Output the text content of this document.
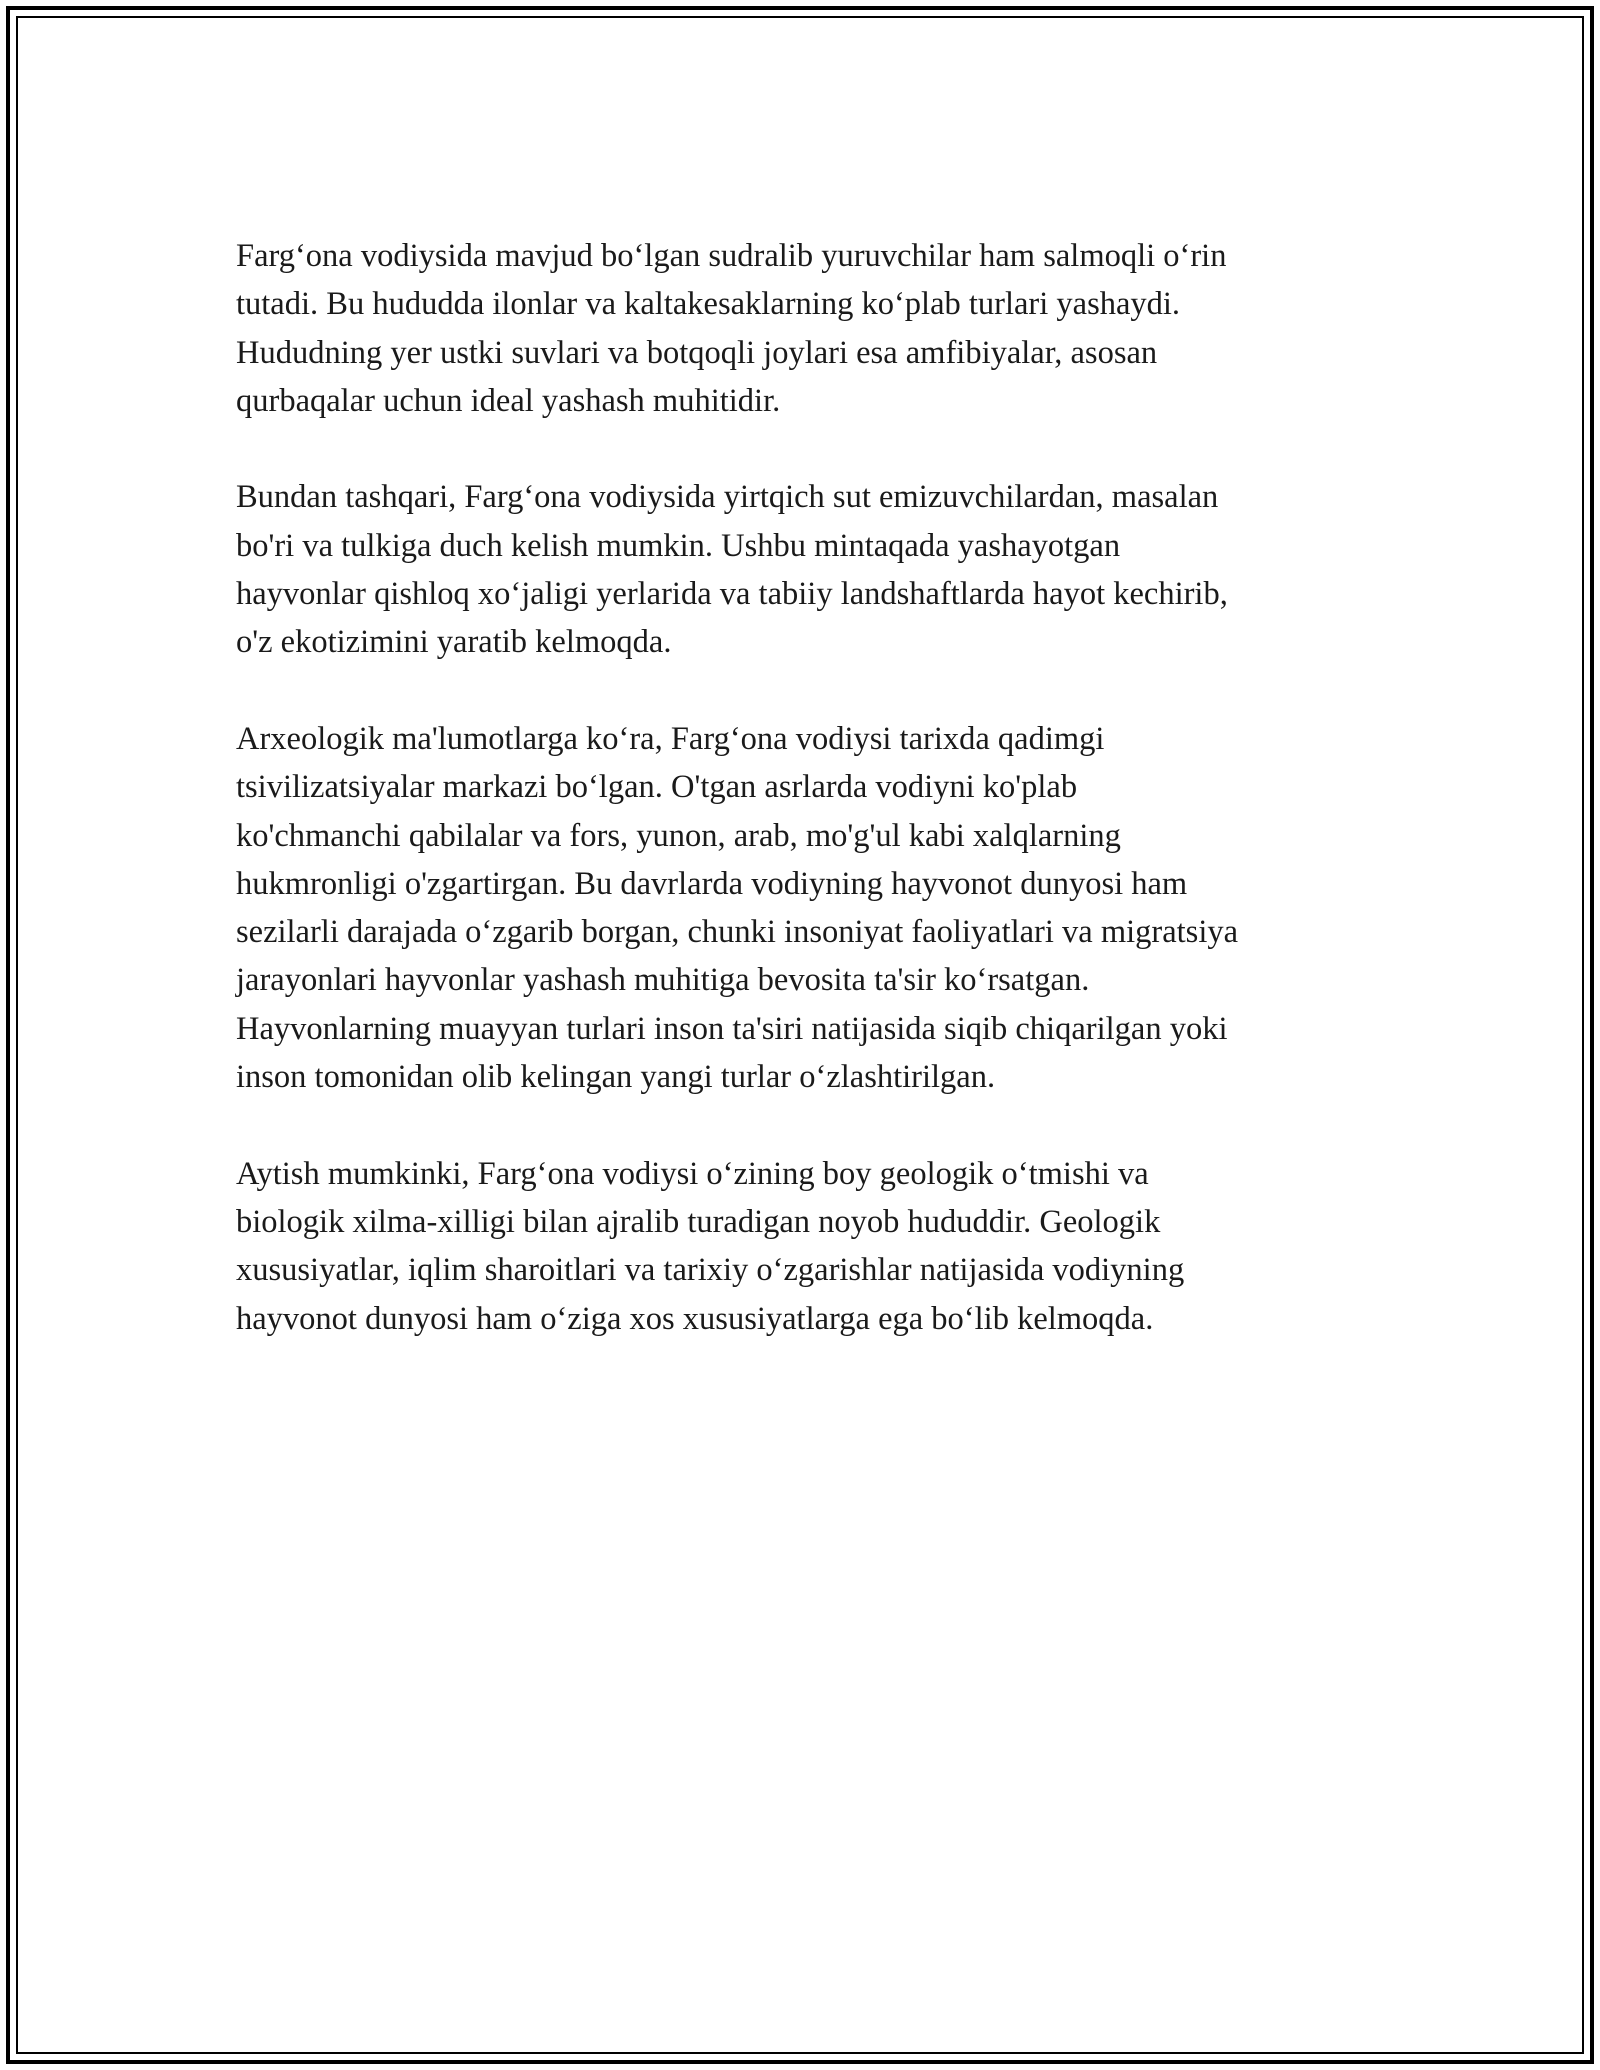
Farg‘ona vodiysida mavjud bo‘lgan sudralib yuruvchilar ham salmoqli o‘rin
tutadi. Bu hududda ilonlar va kaltakesaklarning ko‘plab turlari yashaydi.
Hududning yer ustki suvlari va botqoqli joylari esa amfibiyalar, asosan
qurbaqalar uchun ideal yashash muhitidir.
Bundan tashqari, Farg‘ona vodiysida yirtqich sut emizuvchilardan, masalan
bo'ri va tulkiga duch kelish mumkin. Ushbu mintaqada yashayotgan
hayvonlar qishloq xo‘jaligi yerlarida va tabiiy landshaftlarda hayot kechirib,
o'z ekotizimini yaratib kelmoqda.
Arxeologik ma'lumotlarga ko‘ra, Farg‘ona vodiysi tarixda qadimgi
tsivilizatsiyalar markazi bo‘lgan. O'tgan asrlarda vodiyni ko'plab
ko'chmanchi qabilalar va fors, yunon, arab, mo'g'ul kabi xalqlarning
hukmronligi o'zgartirgan. Bu davrlarda vodiyning hayvonot dunyosi ham
sezilarli darajada o‘zgarib borgan, chunki insoniyat faoliyatlari va migratsiya
jarayonlari hayvonlar yashash muhitiga bevosita ta'sir ko‘rsatgan.
Hayvonlarning muayyan turlari inson ta'siri natijasida siqib chiqarilgan yoki
inson tomonidan olib kelingan yangi turlar o‘zlashtirilgan.
Aytish mumkinki, Farg‘ona vodiysi o‘zining boy geologik o‘tmishi va
biologik xilma-xilligi bilan ajralib turadigan noyob hududdir. Geologik
xususiyatlar, iqlim sharoitlari va tarixiy o‘zgarishlar natijasida vodiyning
hayvonot dunyosi ham o‘ziga xos xususiyatlarga ega bo‘lib kelmoqda.
